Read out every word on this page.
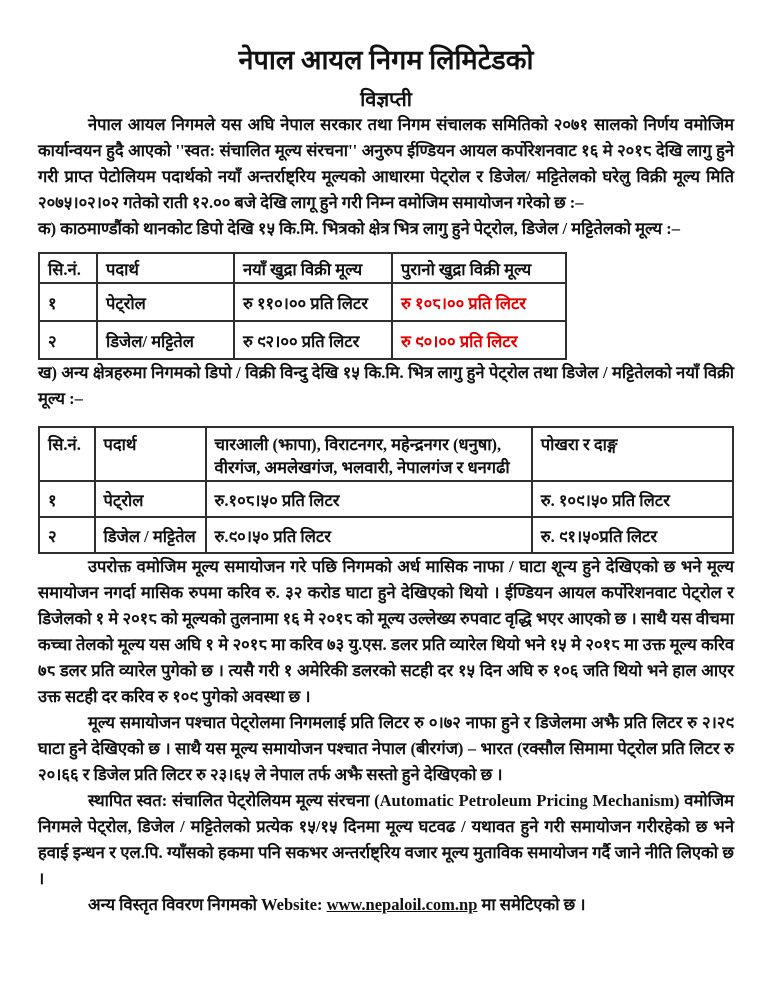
नेपाल आयल निगम लिमिटेडको
विज्ञप्ती

नेपाल आयल निगमले यस अघि नेपाल सरकार तथा निगम संचालक समितिको २०७१ सालको निर्णय वमोजिम कार्यान्वयन हुदै आएको ''स्वत: संचालित मूल्य संरचना'' अनुरुप ईण्डियन आयल कर्पोरेशनवाट १६ मे २०१८ देखि लागु हुने गरी प्राप्त पेटोलियम पदार्थको नयाँ अन्तर्राष्ट्रिय मूल्यको आधारमा पेट्रोल र डिजेल/ मट्टितेलको घरेलु विक्री मूल्य मिति २०७५।०२।०२ गतेको राती १२.०० बजे देखि लागू हुने गरी निम्न वमोजिम समायोजन गरेको छ :–

क) काठमाण्डौंको थानकोट डिपो देखि १५ कि.मि. भित्रको क्षेत्र भित्र लागु हुने पेट्रोल, डिजेल / मट्टितेलको मूल्य :–

सि.नं.	पदार्थ	नयाँ खुद्रा विक्री मूल्य	पुरानो खुद्रा विक्री मूल्य
१	पेट्रोल	रु ११०।०० प्रति लिटर	रु १०८।०० प्रति लिटर
२	डिजेल/ मट्टितेल	रु ९२।०० प्रति लिटर	रु ९०।०० प्रति लिटर

ख) अन्य क्षेत्रहरुमा निगमको डिपो / विक्री विन्दु देखि १५ कि.मि. भित्र लागु हुने पेट्रोल तथा डिजेल / मट्टितेलको नयाँ विक्री मूल्य :–

सि.नं.	पदार्थ	चारआली (झापा), विराटनगर, महेन्द्रनगर (धनुषा), वीरगंज, अमलेखगंज, भलवारी, नेपालगंज र धनगढी	पोखरा र दाङ्ग
१	पेट्रोल	रु.१०८।५० प्रति लिटर	रु. १०९।५० प्रति लिटर
२	डिजेल / मट्टितेल	रु.९०।५० प्रति लिटर	रु. ९१।५०प्रति लिटर

उपरोक्त वमोजिम मूल्य समायोजन गरे पछि निगमको अर्ध मासिक नाफा / घाटा शून्य हुने देखिएको छ भने मूल्य समायोजन नगर्दा मासिक रुपमा करिव रु. ३२ करोड घाटा हुने देखिएको थियो । ईण्डियन आयल कर्पोरेशनवाट पेट्रोल र डिजेलको १ मे २०१८ को मूल्यको तुलनामा १६ मे २०१८ को मूल्य उल्लेख्य रुपवाट वृद्धि भएर आएको छ । साथै यस वीचमा कच्चा तेलको मूल्य यस अघि १ मे २०१८ मा करिव ७३ यु.एस. डलर प्रति व्यारेल थियो भने १५ मे २०१८ मा उक्त मूल्य करिव ७८ डलर प्रति व्यारेल पुगेको छ । त्यसै गरी १ अमेरिकी डलरको सटही दर १५ दिन अघि रु १०६ जति थियो भने हाल आएर उक्त सटही दर करिव रु १०९ पुगेको अवस्था छ ।

मूल्य समायोजन पश्चात पेट्रोलमा निगमलाई प्रति लिटर रु ०।७२ नाफा हुने र डिजेलमा अझै प्रति लिटर रु २।२९ घाटा हुने देखिएको छ । साथै यस मूल्य समायोजन पश्चात नेपाल (बीरगंज) – भारत (रक्सौल सिमामा पेट्रोल प्रति लिटर रु २०।६६ र डिजेल प्रति लिटर रु २३।६५ ले नेपाल तर्फ अझै सस्तो हुने देखिएको छ ।

स्थापित स्वत: संचालित पेट्रोलियम मूल्य संरचना (Automatic Petroleum Pricing Mechanism) वमोजिम निगमले पेट्रोल, डिजेल / मट्टितेलको प्रत्येक १५/१५ दिनमा मूल्य घटवढ / यथावत हुने गरी समायोजन गरीरहेको छ भने हवाई इन्धन र एल.पि. ग्याँसको हकमा पनि सकभर अन्तर्राष्ट्रिय वजार मूल्य मुताविक समायोजन गर्दै जाने नीति लिएको छ ।

अन्य विस्तृत विवरण निगमको Website: www.nepaloil.com.np मा समेटिएको छ ।
